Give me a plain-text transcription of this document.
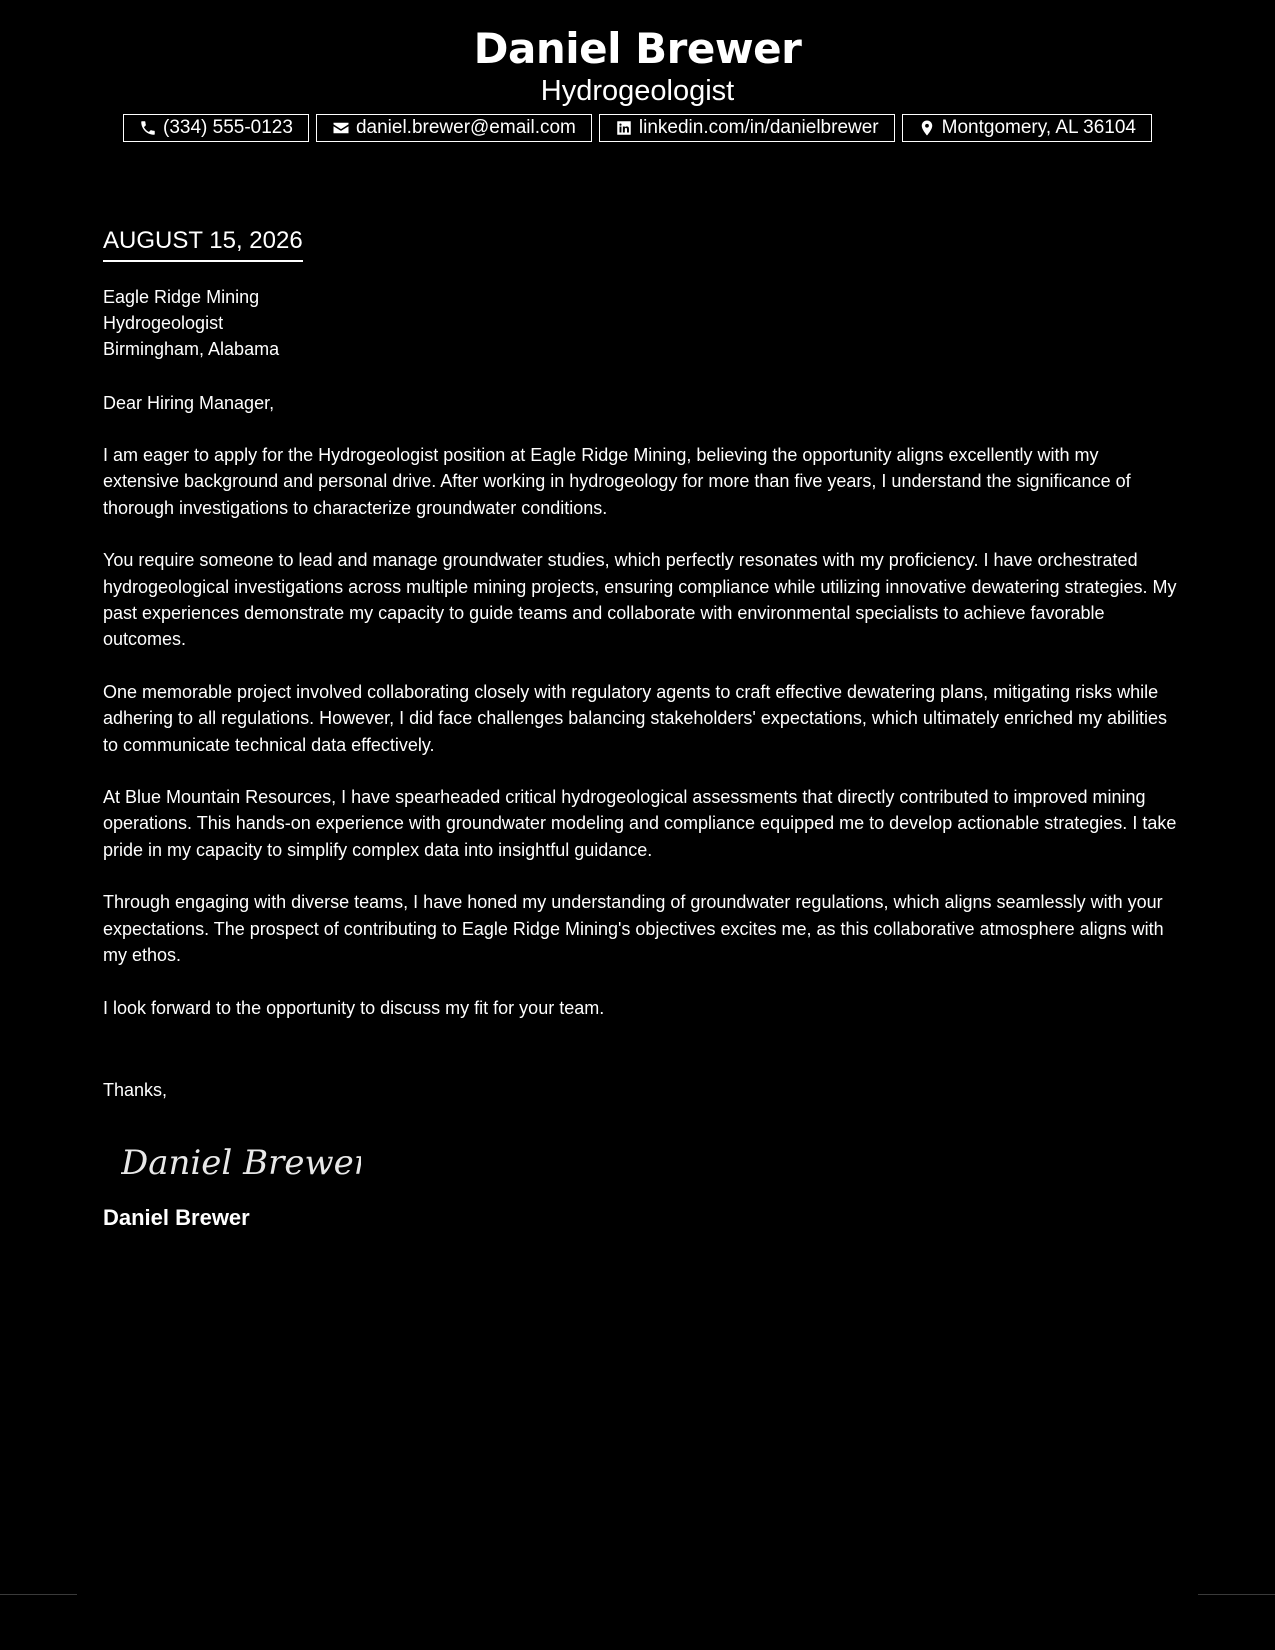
Daniel Brewer
Hydrogeologist
(334) 555-0123	daniel.brewer@email.com	linkedin.com/in/danielbrewer	Montgomery, AL 36104
AUGUST 15, 2026
Eagle Ridge Mining
Hydrogeologist
Birmingham, Alabama
Dear Hiring Manager,

I am eager to apply for the Hydrogeologist position at Eagle Ridge Mining, believing the opportunity aligns excellently with my extensive background and personal drive. After working in hydrogeology for more than five years, I understand the significance of thorough investigations to characterize groundwater conditions.

You require someone to lead and manage groundwater studies, which perfectly resonates with my proficiency. I have orchestrated hydrogeological investigations across multiple mining projects, ensuring compliance while utilizing innovative dewatering strategies. My past experiences demonstrate my capacity to guide teams and collaborate with environmental specialists to achieve favorable outcomes.

One memorable project involved collaborating closely with regulatory agents to craft effective dewatering plans, mitigating risks while adhering to all regulations. However, I did face challenges balancing stakeholders' expectations, which ultimately enriched my abilities to communicate technical data effectively.

At Blue Mountain Resources, I have spearheaded critical hydrogeological assessments that directly contributed to improved mining operations. This hands-on experience with groundwater modeling and compliance equipped me to develop actionable strategies. I take pride in my capacity to simplify complex data into insightful guidance.

Through engaging with diverse teams, I have honed my understanding of groundwater regulations, which aligns seamlessly with your expectations. The prospect of contributing to Eagle Ridge Mining's objectives excites me, as this collaborative atmosphere aligns with my ethos.

I look forward to the opportunity to discuss my fit for your team.

Thanks,
Daniel Brewer
Daniel Brewer
